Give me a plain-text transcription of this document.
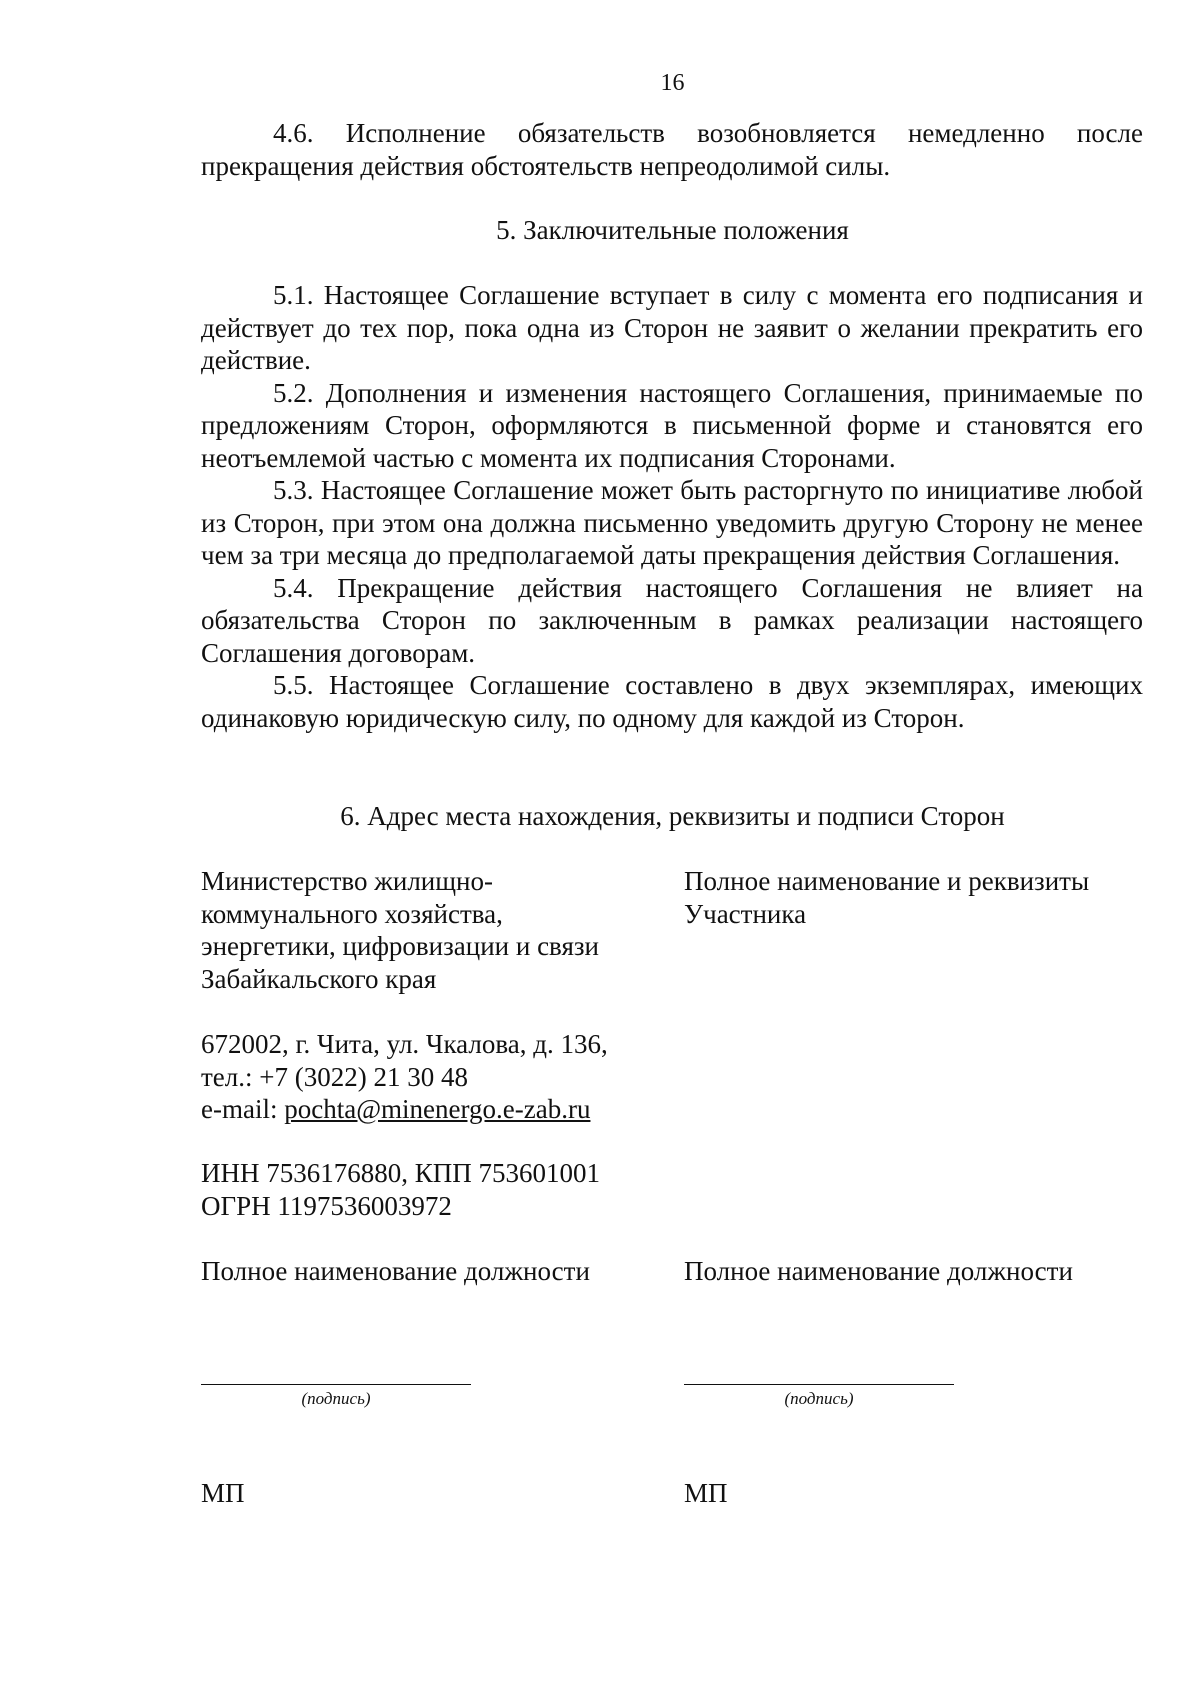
16

4.6. Исполнение обязательств возобновляется немедленно после прекращения действия обстоятельств непреодолимой силы.

5. Заключительные положения

5.1. Настоящее Соглашение вступает в силу с момента его подписания и действует до тех пор, пока одна из Сторон не заявит о желании прекратить его действие.

5.2. Дополнения и изменения настоящего Соглашения, принимаемые по предложениям Сторон, оформляются в письменной форме и становятся его неотъемлемой частью с момента их подписания Сторонами.

5.3. Настоящее Соглашение может быть расторгнуто по инициативе любой из Сторон, при этом она должна письменно уведомить другую Сторону не менее чем за три месяца до предполагаемой даты прекращения действия Соглашения.

5.4. Прекращение действия настоящего Соглашения не влияет на обязательства Сторон по заключенным в рамках реализации настоящего Соглашения договорам.

5.5. Настоящее Соглашение составлено в двух экземплярах, имеющих одинаковую юридическую силу, по одному для каждой из Сторон.

6. Адрес места нахождения, реквизиты и подписи Сторон

Министерство жилищно-

коммунального хозяйства,

энергетики, цифровизации и связи

Забайкальского края

672002, г. Чита, ул. Чкалова, д. 136,

тел.: +7 (3022) 21 30 48

e-mail: pochta@minenergo.e-zab.ru

ИНН 7536176880, КПП 753601001

ОГРН 1197536003972

Полное наименование должности

Полное наименование и реквизиты

Участника

Полное наименование должности

(подпись)	(подпись)
МП	МП
